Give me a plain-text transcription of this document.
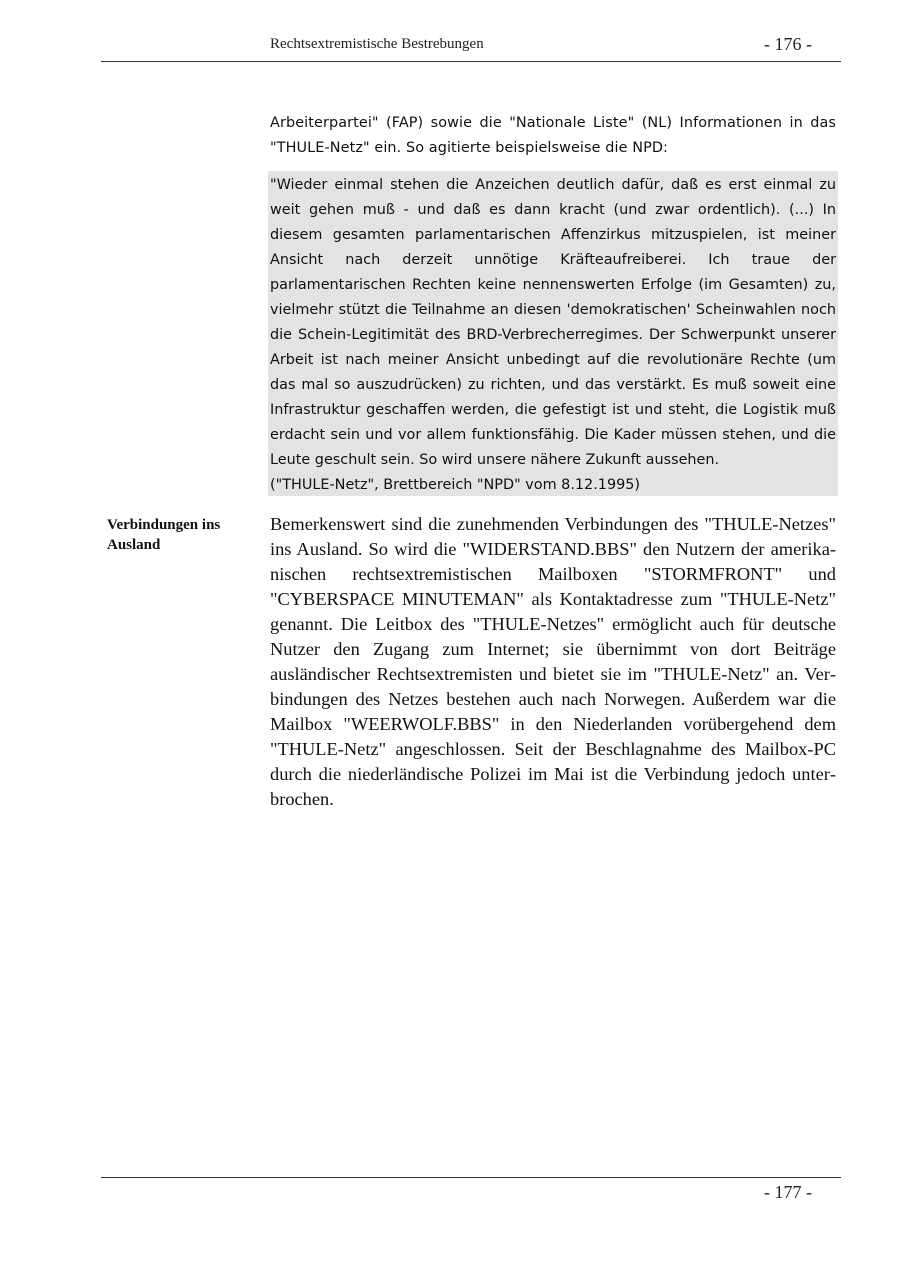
Rechtsextremistische Bestrebungen	- 176 -

Arbeiterpartei" (FAP) sowie die "Nationale Liste" (NL) Informationen in das "THULE-Netz" ein. So agitierte beispielsweise die NPD:

"Wieder einmal stehen die Anzeichen deutlich dafür, daß es erst einmal zu weit gehen muß - und daß es dann kracht (und zwar ordentlich). (...) In diesem gesamten parlamentarischen Affenzirkus mitzuspielen, ist meiner Ansicht nach derzeit unnötige Kräfteaufreiberei. Ich traue der parlamentarischen Rechten keine nennenswerten Erfolge (im Gesamten) zu, vielmehr stützt die Teilnahme an diesen 'demokratischen' Scheinwahlen noch die Schein-Legitimität des BRD-Verbrecherregimes. Der Schwerpunkt unserer Arbeit ist nach meiner Ansicht unbedingt auf die revolutionäre Rechte (um das mal so auszudrücken) zu richten, und das verstärkt. Es muß soweit eine Infrastruktur geschaffen werden, die gefestigt ist und steht, die Logistik muß erdacht sein und vor allem funktionsfähig. Die Kader müssen stehen, und die Leute geschult sein. So wird unsere nähere Zukunft aussehen.

("THULE-Netz", Brettbereich "NPD" vom 8.12.1995)

Verbindungen ins Ausland

Bemerkenswert sind die zunehmenden Verbindungen des "THULE-Netzes" ins Ausland. So wird die "WIDERSTAND.BBS" den Nutzern der amerikanischen rechtsextremistischen Mailboxen "STORMFRONT" und "CYBERSPACE MINUTEMAN" als Kontaktadresse zum "THULE-Netz" genannt. Die Leitbox des "THULE-Netzes" ermöglicht auch für deutsche Nutzer den Zugang zum Internet; sie übernimmt von dort Beiträge ausländischer Rechtsextremisten und bietet sie im "THULE-Netz" an. Verbindungen des Netzes bestehen auch nach Norwegen. Außerdem war die Mailbox "WEERWOLF.BBS" in den Niederlanden vorübergehend dem "THULE-Netz" angeschlossen. Seit der Beschlagnahme des Mailbox-PC durch die niederländische Polizei im Mai ist die Verbindung jedoch unterbrochen.

- 177 -
